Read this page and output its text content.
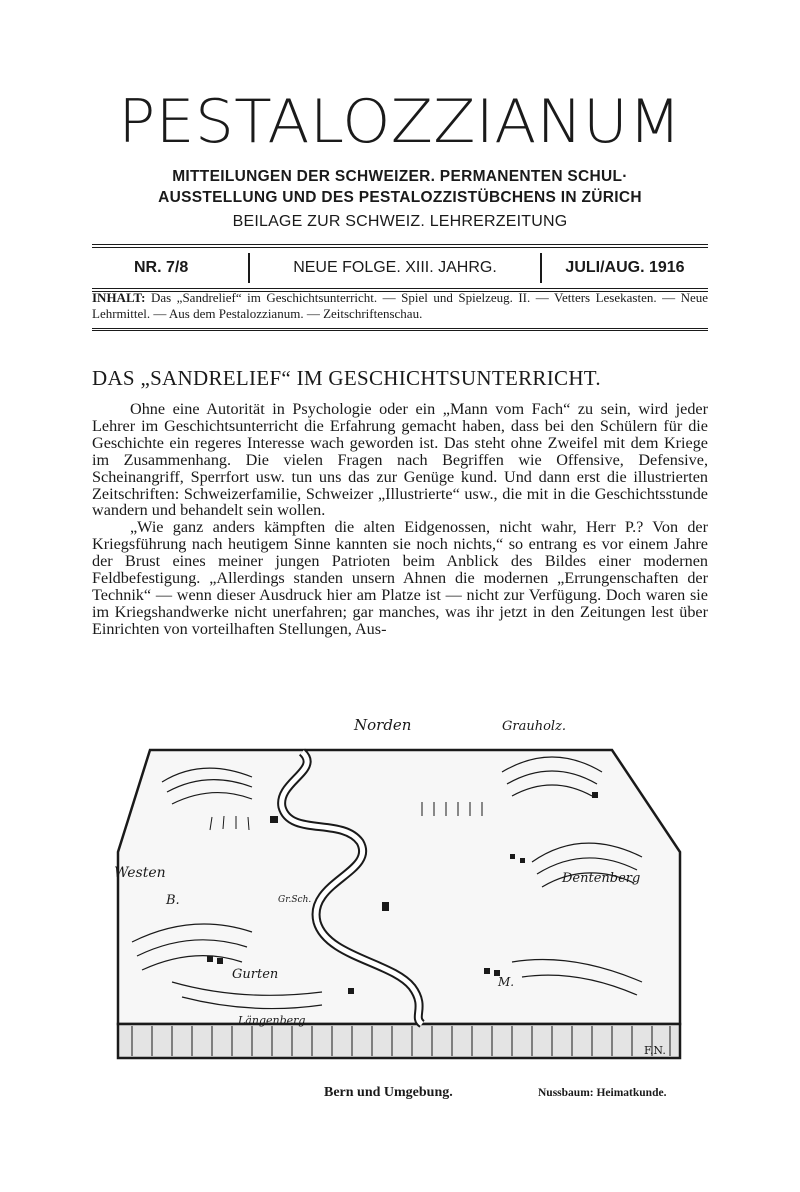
PESTALOZZIANUM
MITTEILUNGEN DER SCHWEIZER. PERMANENTEN SCHUL·
AUSSTELLUNG UND DES PESTALOZZISTÜBCHENS IN ZÜRICH
BEILAGE ZUR SCHWEIZ. LEHRERZEITUNG
NR. 7/8	NEUE FOLGE. XIII. JAHRG.	JULI/AUG. 1916
INHALT: Das „Sandrelief“ im Geschichtsunterricht. — Spiel und Spielzeug. II. — Vetters Lesekasten. — Neue Lehrmittel. — Aus dem Pestalozzianum. — Zeitschriftenschau.
DAS „SANDRELIEF“ IM GESCHICHTSUNTERRICHT.

Ohne eine Autorität in Psychologie oder ein „Mann vom Fach“ zu sein, wird jeder Lehrer im Geschichtsunterricht die Erfahrung gemacht haben, dass bei den Schülern für die Geschichte ein regeres Interesse wach geworden ist. Das steht ohne Zweifel mit dem Kriege im Zusammenhang. Die vielen Fragen nach Begriffen wie Offensive, Defensive, Scheinangriff, Sperrfort usw. tun uns das zur Genüge kund. Und dann erst die illustrierten Zeitschriften: Schweizerfamilie, Schweizer „Illustrierte“ usw., die mit in die Geschichtsstunde wandern und behandelt sein wollen.

„Wie ganz anders kämpften die alten Eidgenossen, nicht wahr, Herr P.? Von der Kriegsführung nach heutigem Sinne kannten sie noch nichts,“ so entrang es vor einem Jahre der Brust eines meiner jungen Patrioten beim Anblick des Bildes einer modernen Feldbefestigung. „Allerdings standen unsern Ahnen die modernen „Errungenschaften der Technik“ — wenn dieser Ausdruck hier am Platze ist — nicht zur Verfügung. Doch waren sie im Kriegshandwerke nicht unerfahren; gar manches, was ihr jetzt in den Zeitungen lest über Einrichten von vorteilhaften Stellungen, Aus-

Norden	Grauholz.
Westen	Dentenberg
B.	Gr.Sch.
Gurten
Längenberg
M.
F.N.
Bern und Umgebung.	Nussbaum: Heimatkunde.
